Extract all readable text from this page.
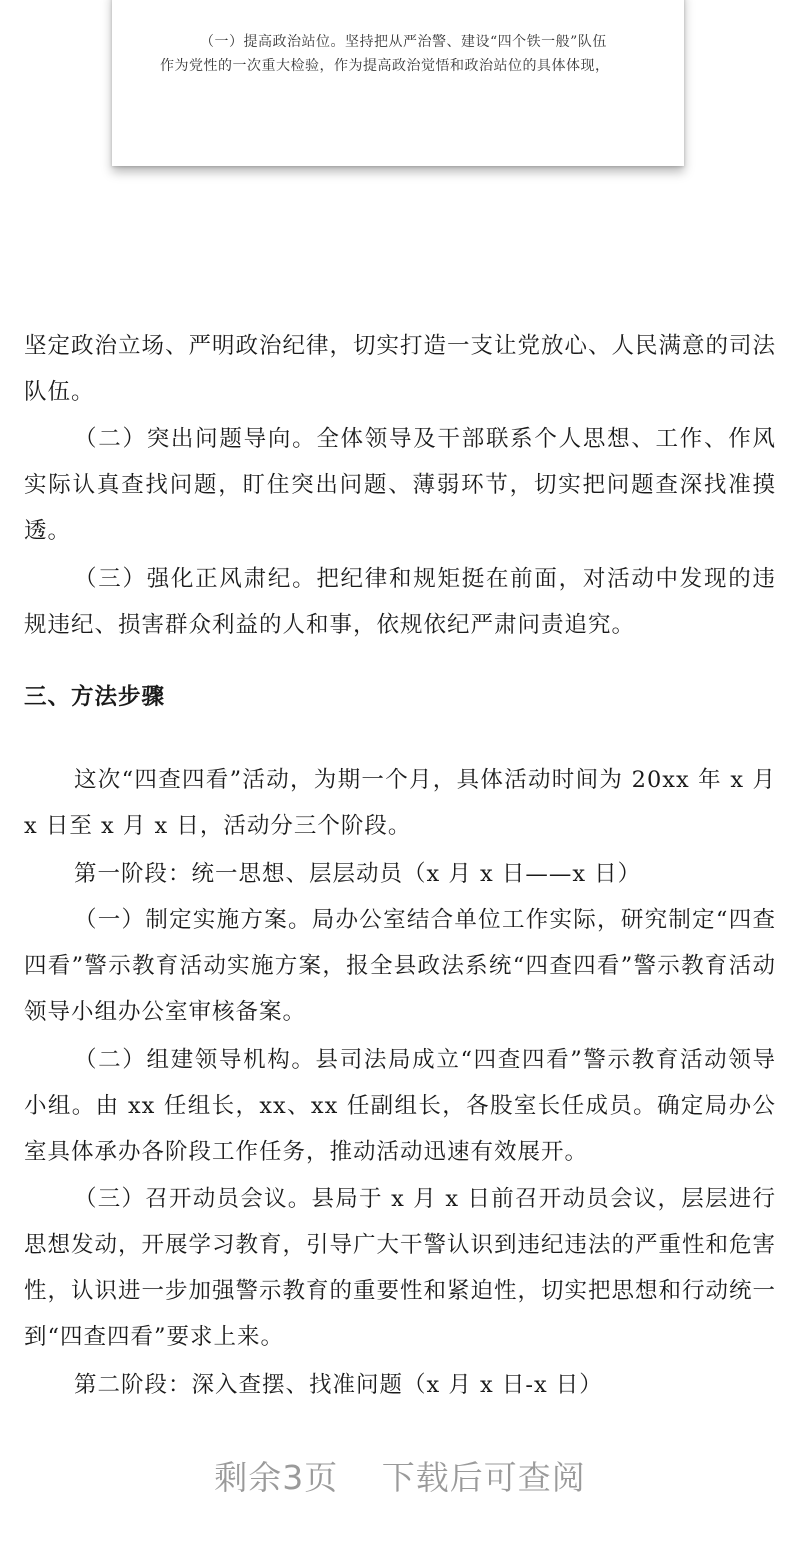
（一）提高政治站位。坚持把从严治警、建设“四个铁一般”队伍
作为党性的一次重大检验，作为提高政治觉悟和政治站位的具体体现，
坚定政治立场、严明政治纪律，切实打造一支让党放心、人民满意的司法队伍。
（二）突出问题导向。全体领导及干部联系个人思想、工作、作风实际认真查找问题，盯住突出问题、薄弱环节，切实把问题查深找准摸透。
（三）强化正风肃纪。把纪律和规矩挺在前面，对活动中发现的违规违纪、损害群众利益的人和事，依规依纪严肃问责追究。
三、方法步骤
这次“四查四看”活动，为期一个月，具体活动时间为 20xx 年 x 月 x 日至 x 月 x 日，活动分三个阶段。
第一阶段：统一思想、层层动员（x 月 x 日——x 日）
（一）制定实施方案。局办公室结合单位工作实际，研究制定“四查四看”警示教育活动实施方案，报全县政法系统“四查四看”警示教育活动领导小组办公室审核备案。
（二）组建领导机构。县司法局成立“四查四看”警示教育活动领导小组。由 xx 任组长，xx、xx 任副组长，各股室长任成员。确定局办公室具体承办各阶段工作任务，推动活动迅速有效展开。
（三）召开动员会议。县局于 x 月 x 日前召开动员会议，层层进行思想发动，开展学习教育，引导广大干警认识到违纪违法的严重性和危害性，认识进一步加强警示教育的重要性和紧迫性，切实把思想和行动统一到“四查四看”要求上来。
第二阶段：深入查摆、找准问题（x 月 x 日-x 日）
剩余3页 下载后可查阅
